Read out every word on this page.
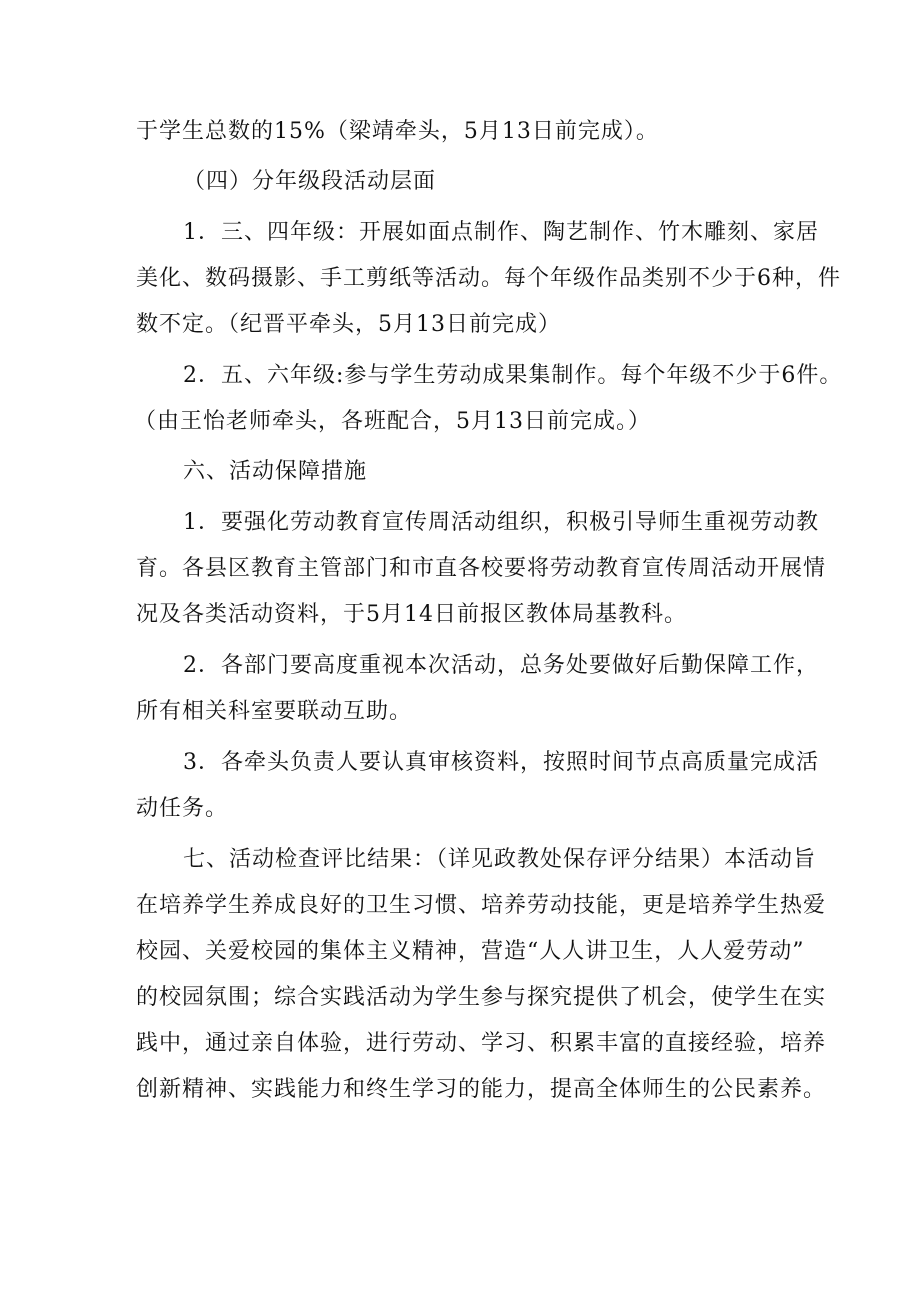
于学生总数的15%（梁靖牵头，5月13日前完成）。
（四）分年级段活动层面
1．三、四年级：开展如面点制作、陶艺制作、竹木雕刻、家居
美化、数码摄影、手工剪纸等活动。每个年级作品类别不少于6种，件
数不定。（纪晋平牵头，5月13日前完成）
2．五、六年级:参与学生劳动成果集制作。每个年级不少于6件。
（由王怡老师牵头，各班配合，5月13日前完成。）
六、活动保障措施
1．要强化劳动教育宣传周活动组织，积极引导师生重视劳动教
育。各县区教育主管部门和市直各校要将劳动教育宣传周活动开展情
况及各类活动资料，于5月14日前报区教体局基教科。
2．各部门要高度重视本次活动，总务处要做好后勤保障工作，
所有相关科室要联动互助。
3．各牵头负责人要认真审核资料，按照时间节点高质量完成活
动任务。
七、活动检查评比结果：（详见政教处保存评分结果）本活动旨
在培养学生养成良好的卫生习惯、培养劳动技能，更是培养学生热爱
校园、关爱校园的集体主义精神，营造“人人讲卫生，人人爱劳动”
的校园氛围；综合实践活动为学生参与探究提供了机会，使学生在实
践中，通过亲自体验，进行劳动、学习、积累丰富的直接经验，培养
创新精神、实践能力和终生学习的能力，提高全体师生的公民素养。
